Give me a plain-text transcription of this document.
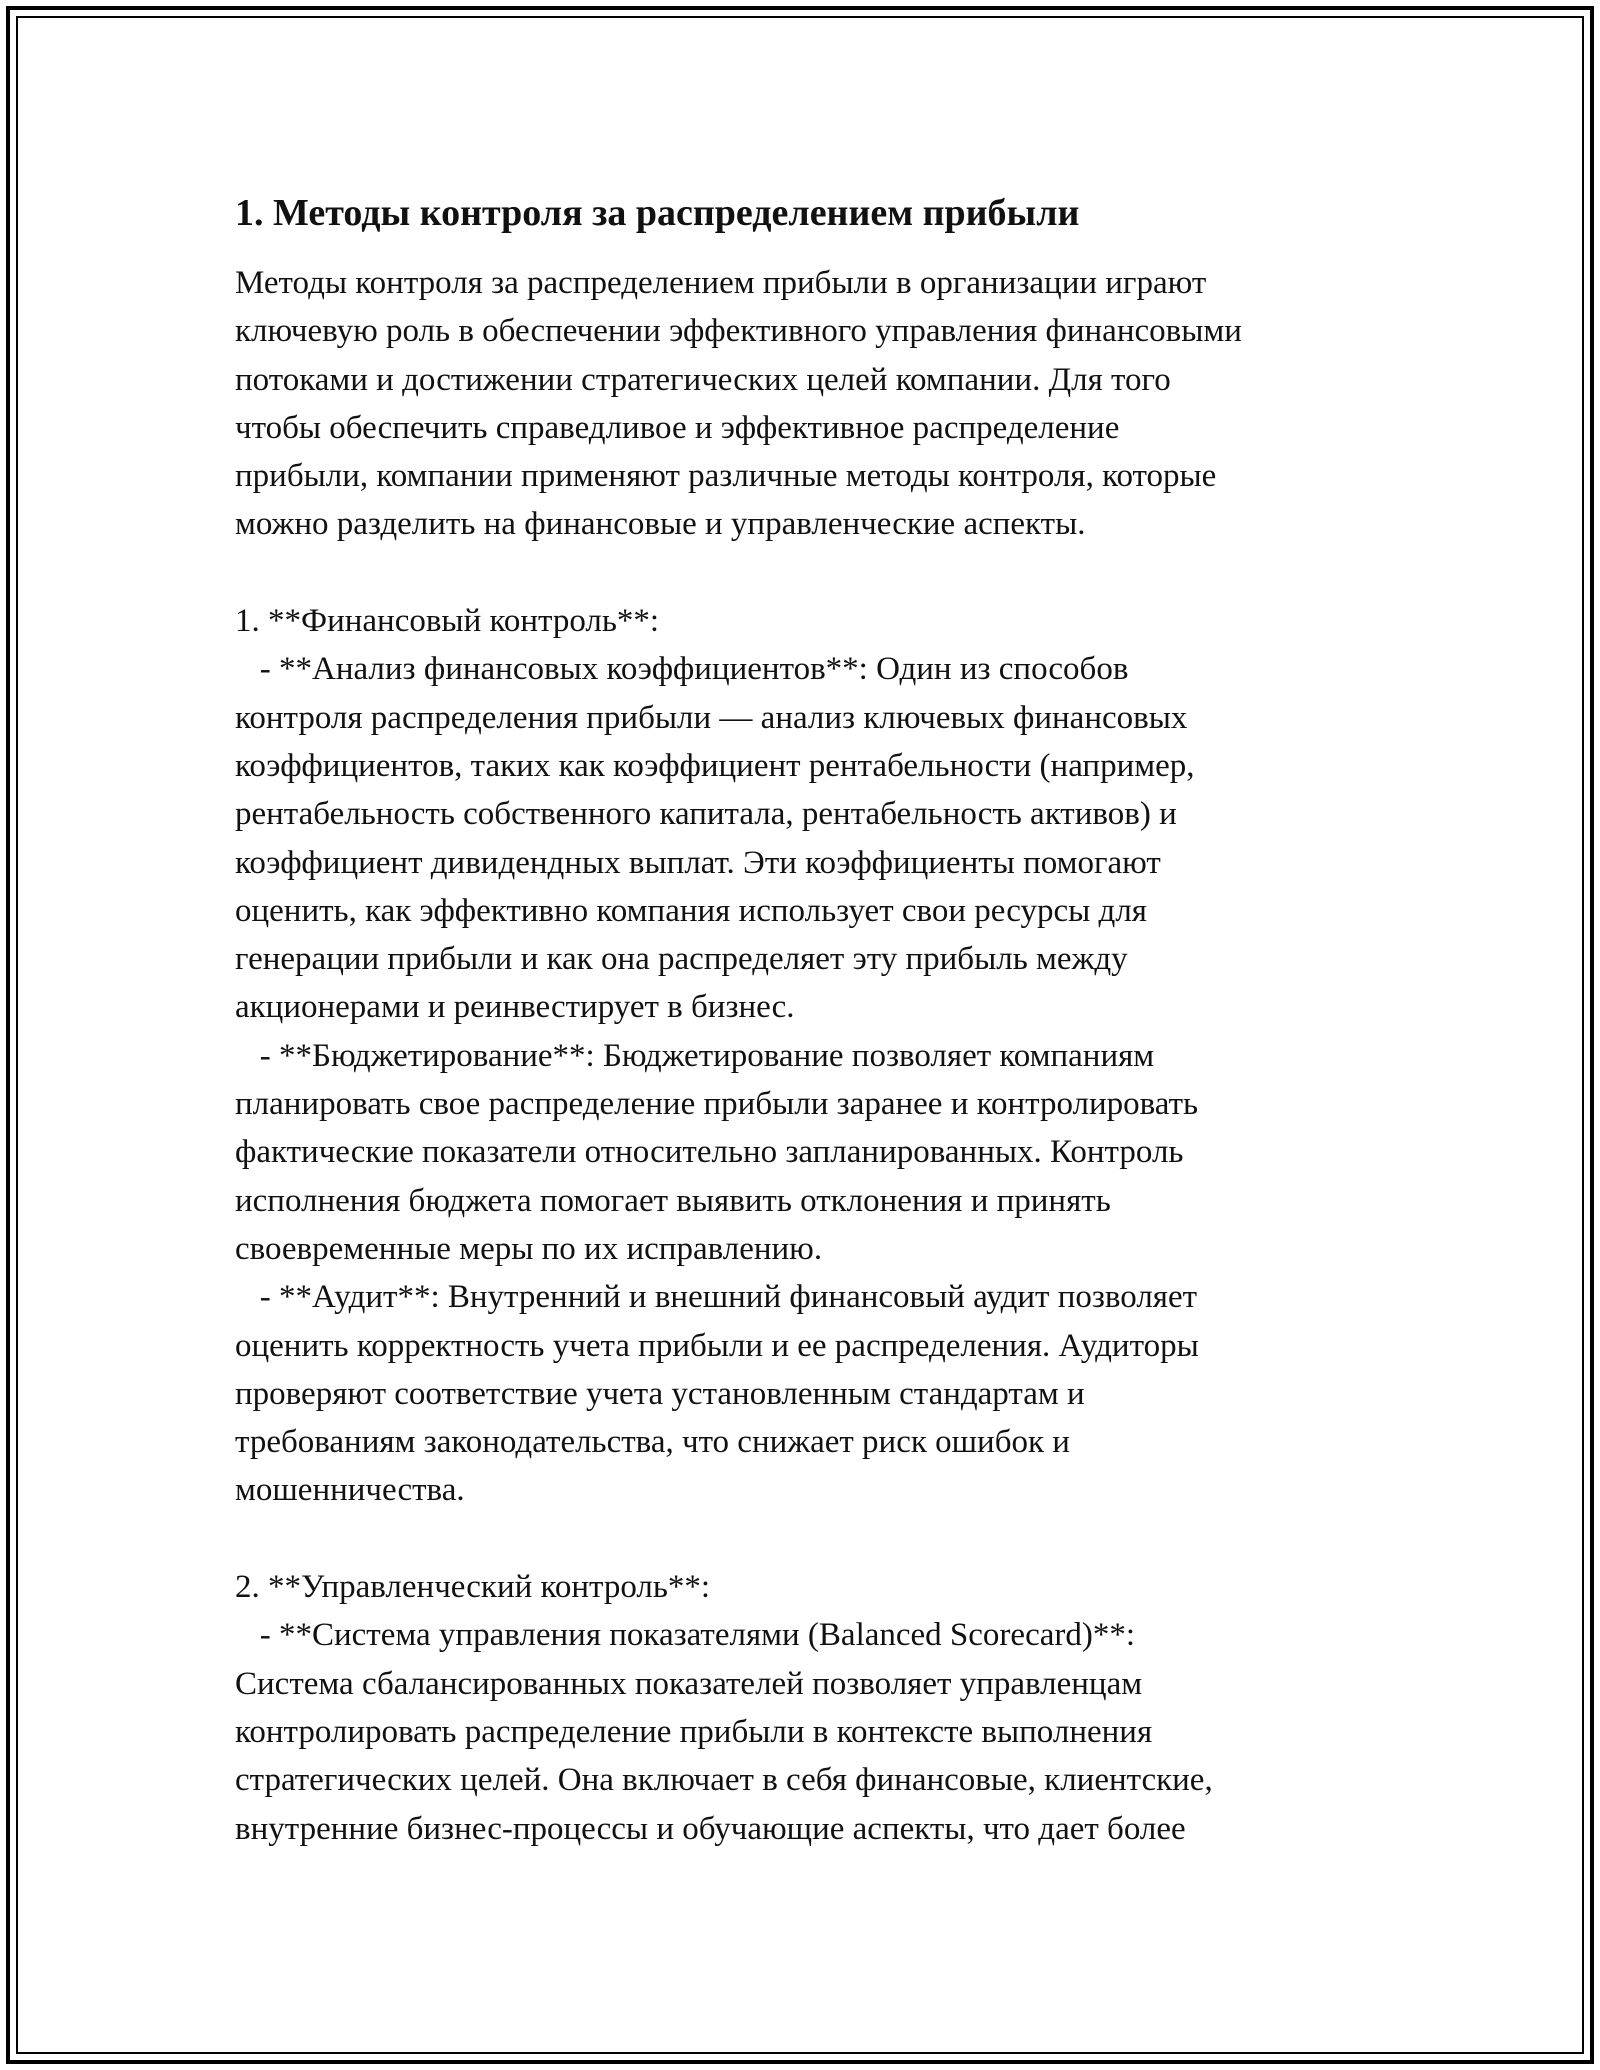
1. Методы контроля за распределением прибыли

Методы контроля за распределением прибыли в организации играют
ключевую роль в обеспечении эффективного управления финансовыми
потоками и достижении стратегических целей компании. Для того
чтобы обеспечить справедливое и эффективное распределение
прибыли, компании применяют различные методы контроля, которые
можно разделить на финансовые и управленческие аспекты.

1. **Финансовый контроль**:
- **Анализ финансовых коэффициентов**: Один из способов
контроля распределения прибыли — анализ ключевых финансовых
коэффициентов, таких как коэффициент рентабельности (например,
рентабельность собственного капитала, рентабельность активов) и
коэффициент дивидендных выплат. Эти коэффициенты помогают
оценить, как эффективно компания использует свои ресурсы для
генерации прибыли и как она распределяет эту прибыль между
акционерами и реинвестирует в бизнес.
- **Бюджетирование**: Бюджетирование позволяет компаниям
планировать свое распределение прибыли заранее и контролировать
фактические показатели относительно запланированных. Контроль
исполнения бюджета помогает выявить отклонения и принять
своевременные меры по их исправлению.
- **Аудит**: Внутренний и внешний финансовый аудит позволяет
оценить корректность учета прибыли и ее распределения. Аудиторы
проверяют соответствие учета установленным стандартам и
требованиям законодательства, что снижает риск ошибок и
мошенничества.

2. **Управленческий контроль**:
- **Система управления показателями (Balanced Scorecard)**:
Система сбалансированных показателей позволяет управленцам
контролировать распределение прибыли в контексте выполнения
стратегических целей. Она включает в себя финансовые, клиентские,
внутренние бизнес-процессы и обучающие аспекты, что дает более
